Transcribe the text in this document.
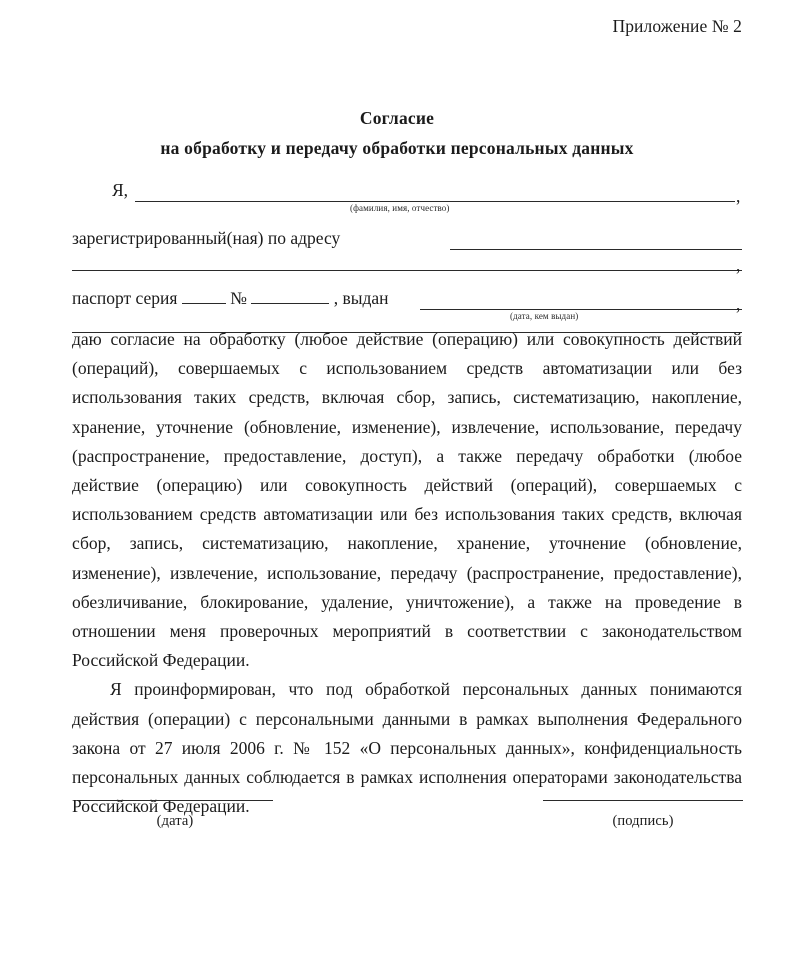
Приложение № 2
Согласие
на обработку и передачу обработки персональных данных
Я,	,
(фамилия, имя, отчество)
зарегистрированный(ная) по адресу
,
паспорт серия	№	, выдан	,
(дата, кем выдан)

даю согласие на обработку (любое действие (операцию) или совокупность действий (операций), совершаемых с использованием средств автоматизации или без использования таких средств, включая сбор, запись, систематизацию, накопление, хранение, уточнение (обновление, изменение), извлечение, использование, передачу (распространение, предоставление, доступ), а также передачу обработки (любое действие (операцию) или совокупность действий (операций), совершаемых с использованием средств автоматизации или без использования таких средств, включая сбор, запись, систематизацию, накопление, хранение, уточнение (обновление, изменение), извлечение, использование, передачу (распространение, предоставление), обезличивание, блокирование, удаление, уничтожение), а также на проведение в отношении меня проверочных мероприятий в соответствии с законодательством Российской Федерации.

Я проинформирован, что под обработкой персональных данных понимаются действия (операции) с персональными данными в рамках выполнения Федерального закона от 27 июля 2006 г. № 152 «О персональных данных», конфиденциальность персональных данных соблюдается в рамках исполнения операторами законодательства Российской Федерации.

(дата)	(подпись)
